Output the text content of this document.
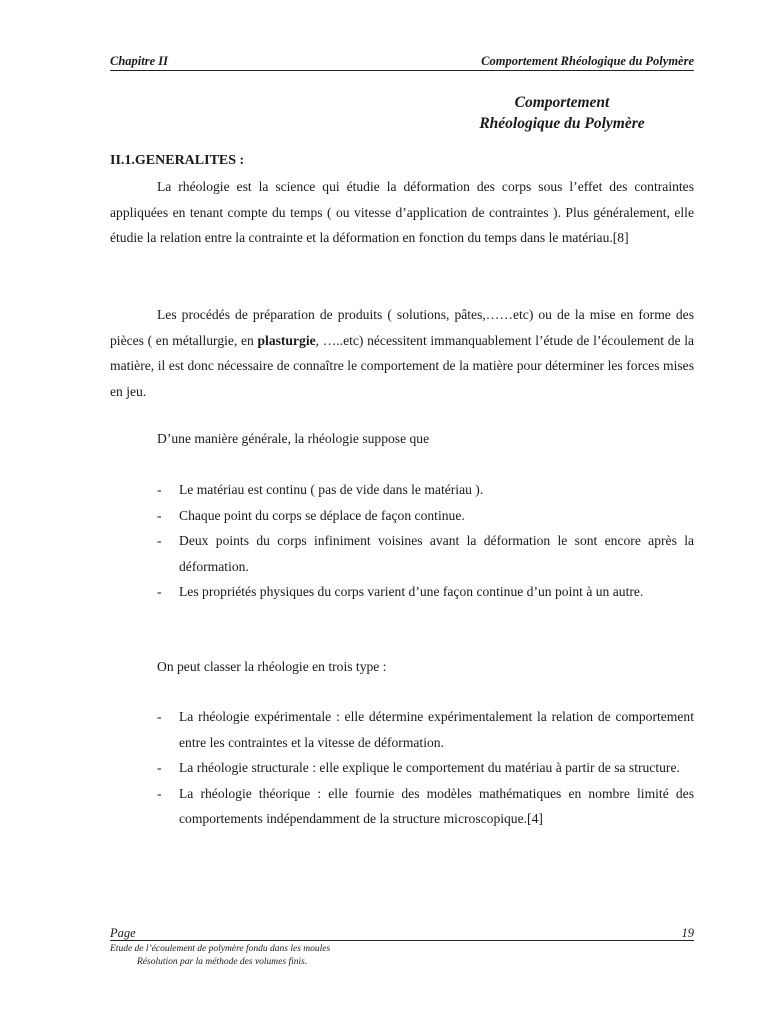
Chapitre II	Comportement Rhéologique du Polymère
Comportement
Rhéologique du Polymère
II.1.GENERALITES :

La rhéologie est la science qui étudie la déformation des corps sous l’effet des contraintes appliquées en tenant compte du temps ( ou vitesse d’application de contraintes ). Plus généralement, elle étudie la relation entre la contrainte et la déformation en fonction du temps dans le matériau.[8]

Les procédés de préparation de produits ( solutions, pâtes,……etc) ou de la mise en forme des pièces ( en métallurgie, en plasturgie, …..etc) nécessitent immanquablement l’étude de l’écoulement de la matière, il est donc nécessaire de connaître le comportement de la matière pour déterminer les forces mises en jeu.

D’une manière générale, la rhéologie suppose que

- Le matériau est continu ( pas de vide dans le matériau ).

- Chaque point du corps se déplace de façon continue.

- Deux points du corps infiniment voisines avant la déformation le sont encore après la déformation.

- Les propriétés physiques du corps varient d’une façon continue d’un point à un autre.

On peut classer la rhéologie en trois type :

- La rhéologie expérimentale : elle détermine expérimentalement la relation de comportement entre les contraintes et la vitesse de déformation.

- La rhéologie structurale : elle explique le comportement du matériau à partir de sa structure.

- La rhéologie théorique : elle fournie des modèles mathématiques en nombre limité des comportements indépendamment de la structure microscopique.[4]

Page	19
Etude de l’écoulement de polymère fondu dans les moules
Résolution par la méthode des volumes finis.
